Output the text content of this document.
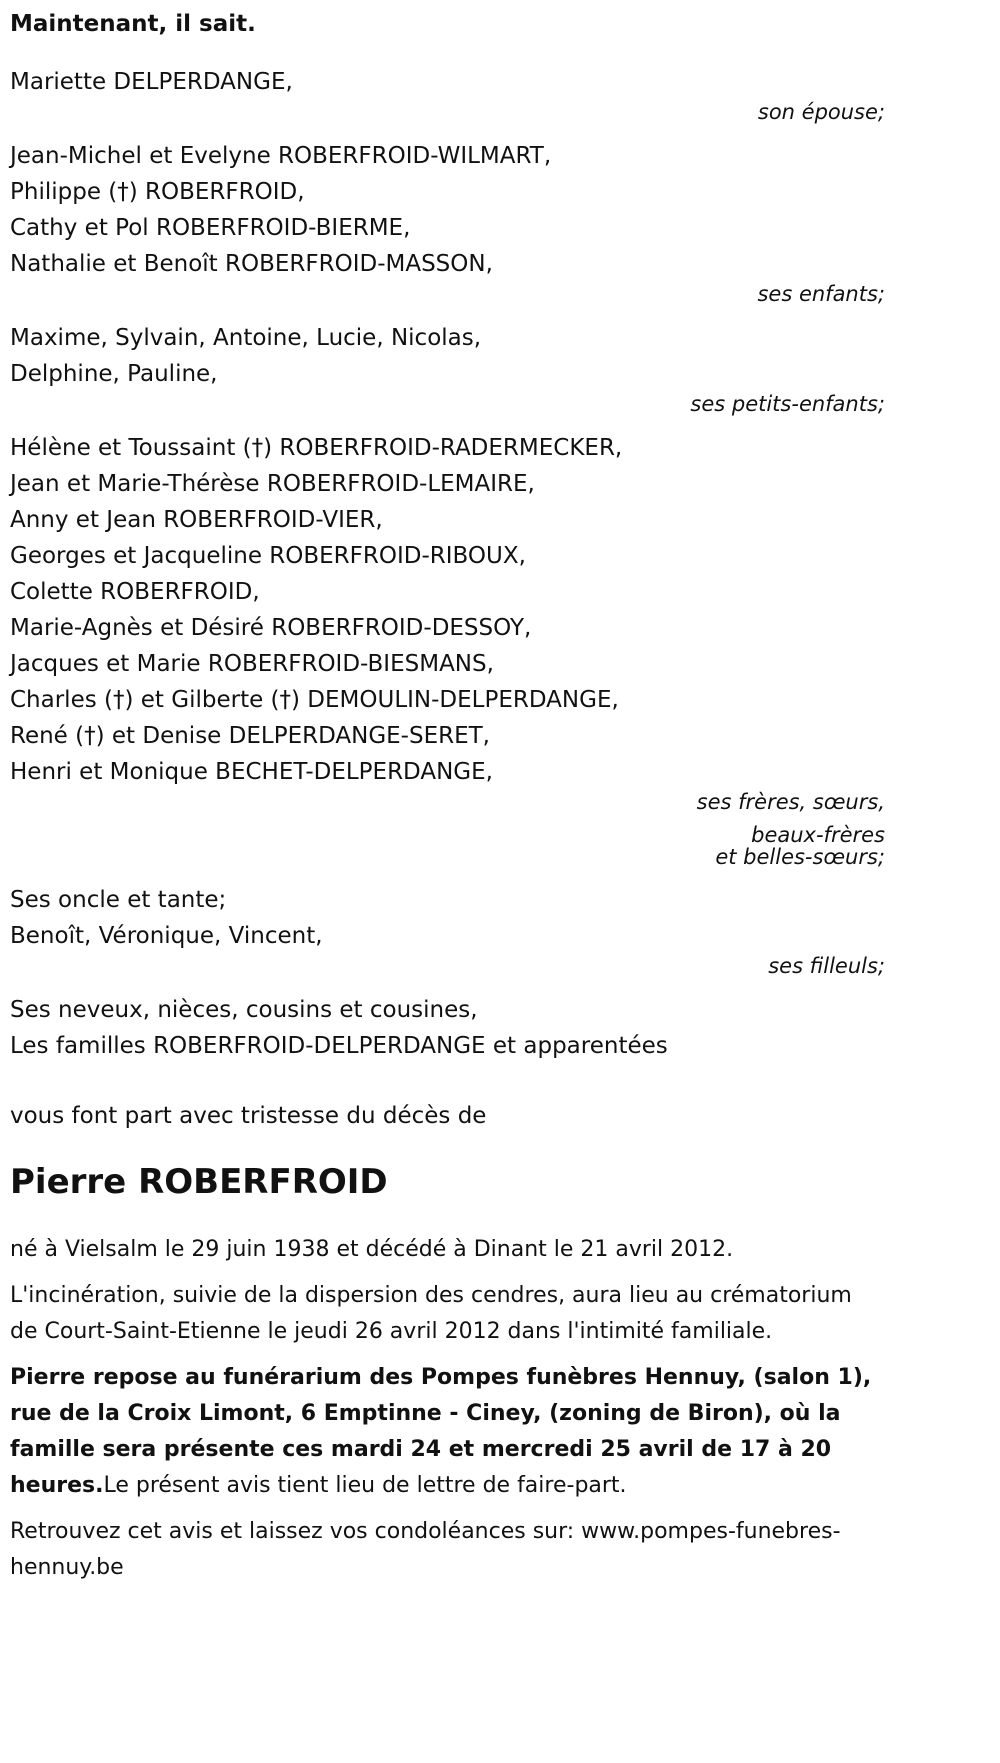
Maintenant, il sait.
Mariette DELPERDANGE,
son épouse;
Jean-Michel et Evelyne ROBERFROID-WILMART,
Philippe (†) ROBERFROID,
Cathy et Pol ROBERFROID-BIERME,
Nathalie et Benoît ROBERFROID-MASSON,
ses enfants;
Maxime, Sylvain, Antoine, Lucie, Nicolas,
Delphine, Pauline,
ses petits-enfants;
Hélène et Toussaint (†) ROBERFROID-RADERMECKER,
Jean et Marie-Thérèse ROBERFROID-LEMAIRE,
Anny et Jean ROBERFROID-VIER,
Georges et Jacqueline ROBERFROID-RIBOUX,
Colette ROBERFROID,
Marie-Agnès et Désiré ROBERFROID-DESSOY,
Jacques et Marie ROBERFROID-BIESMANS,
Charles (†) et Gilberte (†) DEMOULIN-DELPERDANGE,
René (†) et Denise DELPERDANGE-SERET,
Henri et Monique BECHET-DELPERDANGE,
ses frères, sœurs,
beaux-frères
et belles-sœurs;
Ses oncle et tante;
Benoît, Véronique, Vincent,
ses filleuls;
Ses neveux, nièces, cousins et cousines,
Les familles ROBERFROID-DELPERDANGE et apparentées
vous font part avec tristesse du décès de
Pierre ROBERFROID
né à Vielsalm le 29 juin 1938 et décédé à Dinant le 21 avril 2012.
L'incinération, suivie de la dispersion des cendres, aura lieu au crématorium de Court-Saint-Etienne le jeudi 26 avril 2012 dans l'intimité familiale.
Pierre repose au funérarium des Pompes funèbres Hennuy, (salon 1), rue de la Croix Limont, 6 Emptinne - Ciney, (zoning de Biron), où la famille sera présente ces mardi 24 et mercredi 25 avril de 17 à 20 heures.Le présent avis tient lieu de lettre de faire-part.
Retrouvez cet avis et laissez vos condoléances sur: www.pompes-funebres-hennuy.be
